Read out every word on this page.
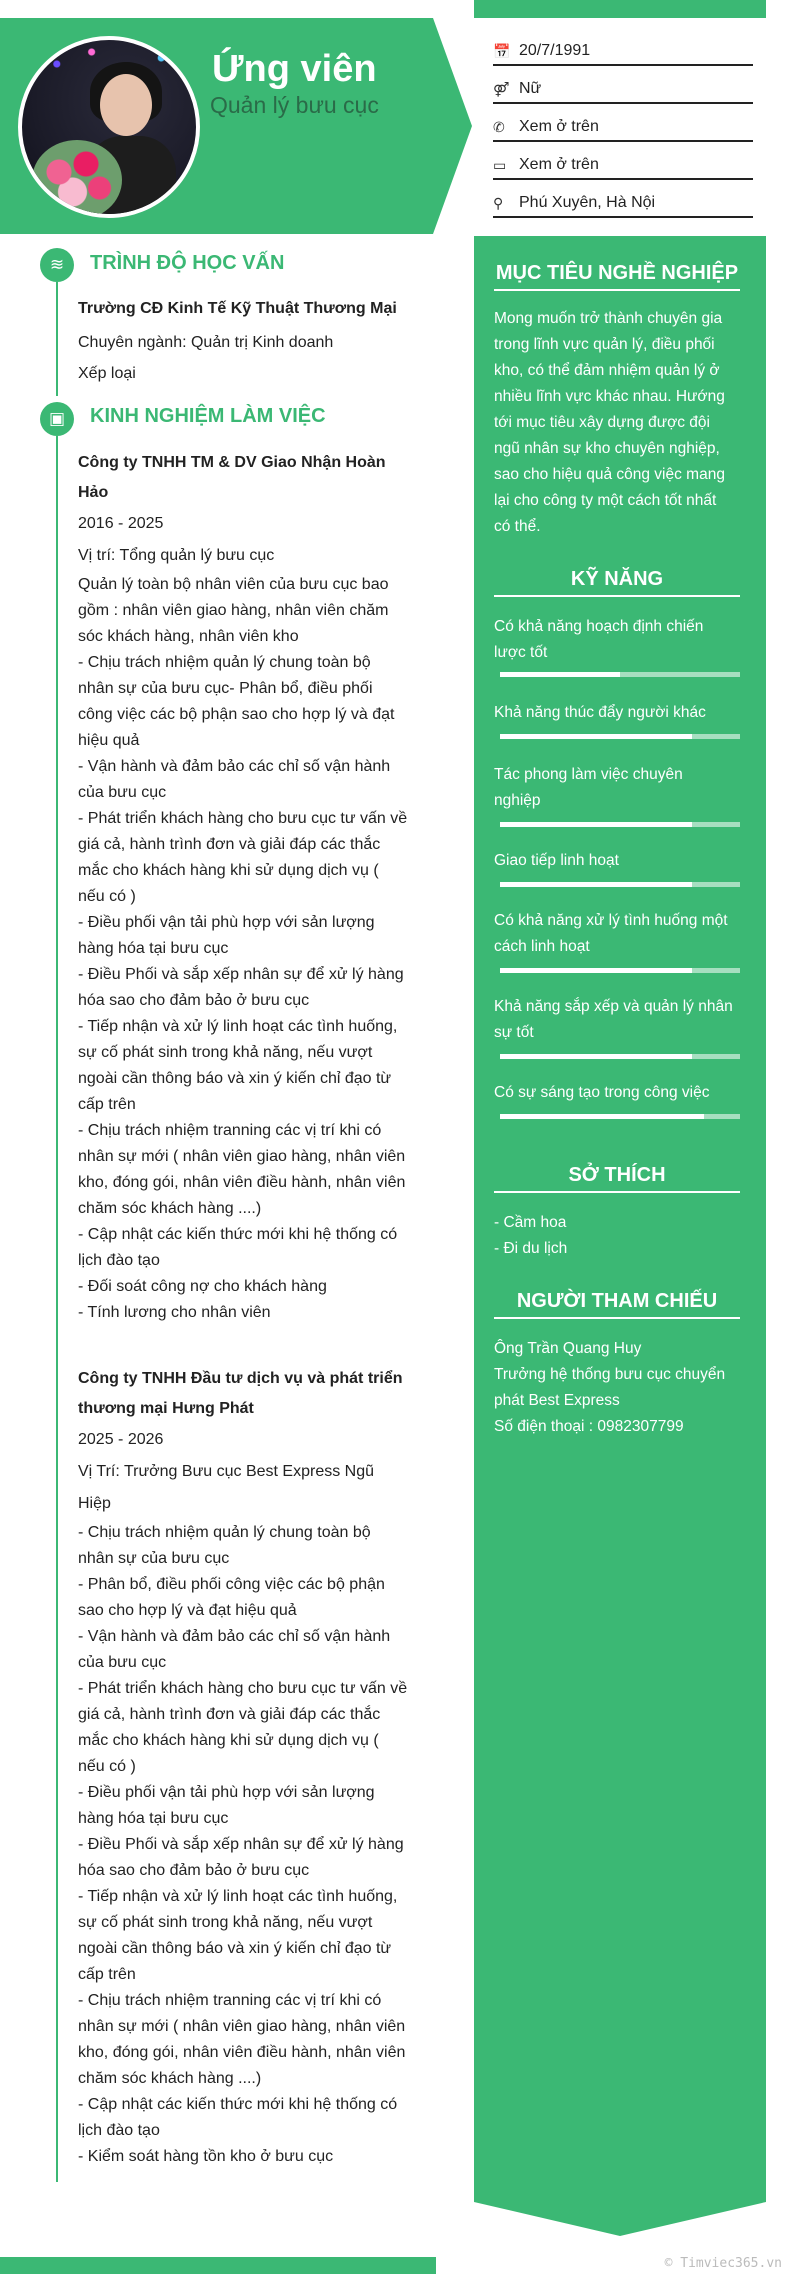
Ứng viên
Quản lý bưu cục
📅 20/7/1991
⚤ Nữ
✆ Xem ở trên
▭ Xem ở trên
⚲ Phú Xuyên, Hà Nội
MỤC TIÊU NGHỀ NGHIỆP
Mong muốn trở thành chuyên gia
trong lĩnh vực quản lý, điều phối
kho, có thể đảm nhiệm quản lý ở
nhiều lĩnh vực khác nhau. Hướng
tới mục tiêu xây dựng được đội
ngũ nhân sự kho chuyên nghiệp,
sao cho hiệu quả công việc mang
lại cho công ty một cách tốt nhất
có thể.
KỸ NĂNG
Có khả năng hoạch định chiến
lược tốt
Khả năng thúc đẩy người khác
Tác phong làm việc chuyên
nghiệp
Giao tiếp linh hoạt
Có khả năng xử lý tình huống một
cách linh hoạt
Khả năng sắp xếp và quản lý nhân
sự tốt
Có sự sáng tạo trong công việc
SỞ THÍCH
- Cầm hoa
- Đi du lịch
NGƯỜI THAM CHIẾU
Ông Trần Quang Huy
Trưởng hệ thống bưu cục chuyển
phát Best Express
Số điện thoại : 0982307799
≋	TRÌNH ĐỘ HỌC VẤN
Trường CĐ Kinh Tế Kỹ Thuật Thương Mại
Chuyên ngành: Quản trị Kinh doanh
Xếp loại
▣	KINH NGHIỆM LÀM VIỆC
Công ty TNHH TM & DV Giao Nhận Hoàn
Hảo
2016 - 2025
Vị trí: Tổng quản lý bưu cục
Quản lý toàn bộ nhân viên của bưu cục bao
gồm : nhân viên giao hàng, nhân viên chăm
sóc khách hàng, nhân viên kho
- Chịu trách nhiệm quản lý chung toàn bộ
nhân sự của bưu cục- Phân bổ, điều phối
công việc các bộ phận sao cho hợp lý và đạt
hiệu quả
- Vận hành và đảm bảo các chỉ số vận hành
của bưu cục
- Phát triển khách hàng cho bưu cục tư vấn về
giá cả, hành trình đơn và giải đáp các thắc
mắc cho khách hàng khi sử dụng dịch vụ (
nếu có )
- Điều phối vận tải phù hợp với sản lượng
hàng hóa tại bưu cục
- Điều Phối và sắp xếp nhân sự để xử lý hàng
hóa sao cho đảm bảo ở bưu cục
- Tiếp nhận và xử lý linh hoạt các tình huống,
sự cố phát sinh trong khả năng, nếu vượt
ngoài cần thông báo và xin ý kiến chỉ đạo từ
cấp trên
- Chịu trách nhiệm tranning các vị trí khi có
nhân sự mới ( nhân viên giao hàng, nhân viên
kho, đóng gói, nhân viên điều hành, nhân viên
chăm sóc khách hàng ....)
- Cập nhật các kiến thức mới khi hệ thống có
lịch đào tạo
- Đối soát công nợ cho khách hàng
- Tính lương cho nhân viên
Công ty TNHH Đầu tư dịch vụ và phát triển
thương mại Hưng Phát
2025 - 2026
Vị Trí: Trưởng Bưu cục Best Express Ngũ Hiệp
- Chịu trách nhiệm quản lý chung toàn bộ
nhân sự của bưu cục
- Phân bổ, điều phối công việc các bộ phận
sao cho hợp lý và đạt hiệu quả
- Vận hành và đảm bảo các chỉ số vận hành
của bưu cục
- Phát triển khách hàng cho bưu cục tư vấn về
giá cả, hành trình đơn và giải đáp các thắc
mắc cho khách hàng khi sử dụng dịch vụ (
nếu có )
- Điều phối vận tải phù hợp với sản lượng
hàng hóa tại bưu cục
- Điều Phối và sắp xếp nhân sự để xử lý hàng
hóa sao cho đảm bảo ở bưu cục
- Tiếp nhận và xử lý linh hoạt các tình huống,
sự cố phát sinh trong khả năng, nếu vượt
ngoài cần thông báo và xin ý kiến chỉ đạo từ
cấp trên
- Chịu trách nhiệm tranning các vị trí khi có
nhân sự mới ( nhân viên giao hàng, nhân viên
kho, đóng gói, nhân viên điều hành, nhân viên
chăm sóc khách hàng ....)
- Cập nhật các kiến thức mới khi hệ thống có
lịch đào tạo
- Kiểm soát hàng tồn kho ở bưu cục
© Timviec365.vn
